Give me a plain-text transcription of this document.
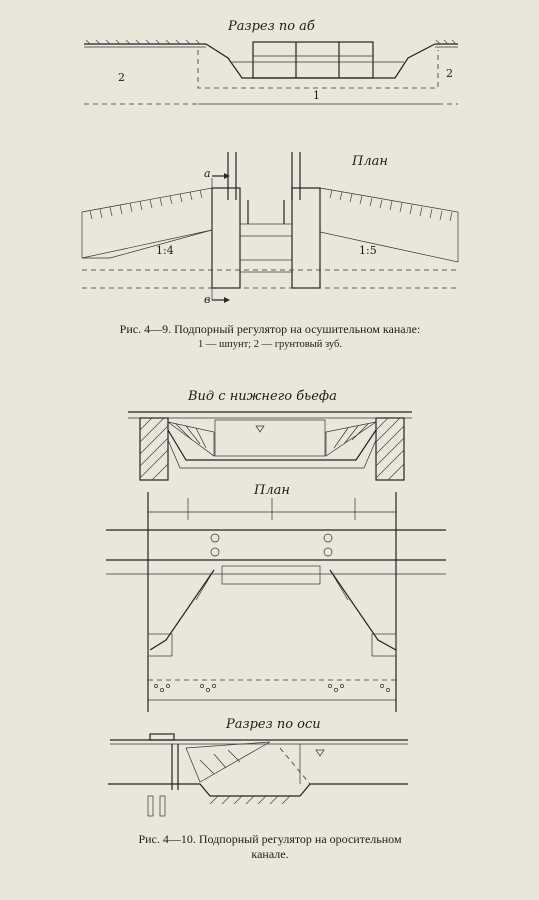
Разрез по аб
2	2
1
План
а
в
1:4	1:5
Рис. 4—9. Подпорный регулятор на осушительном канале:
1 — шпунт; 2 — грунтовый зуб.
Вид с нижнего бьефа
План
Разрез по оси
Рис. 4—10. Подпорный регулятор на оросительном
канале.
